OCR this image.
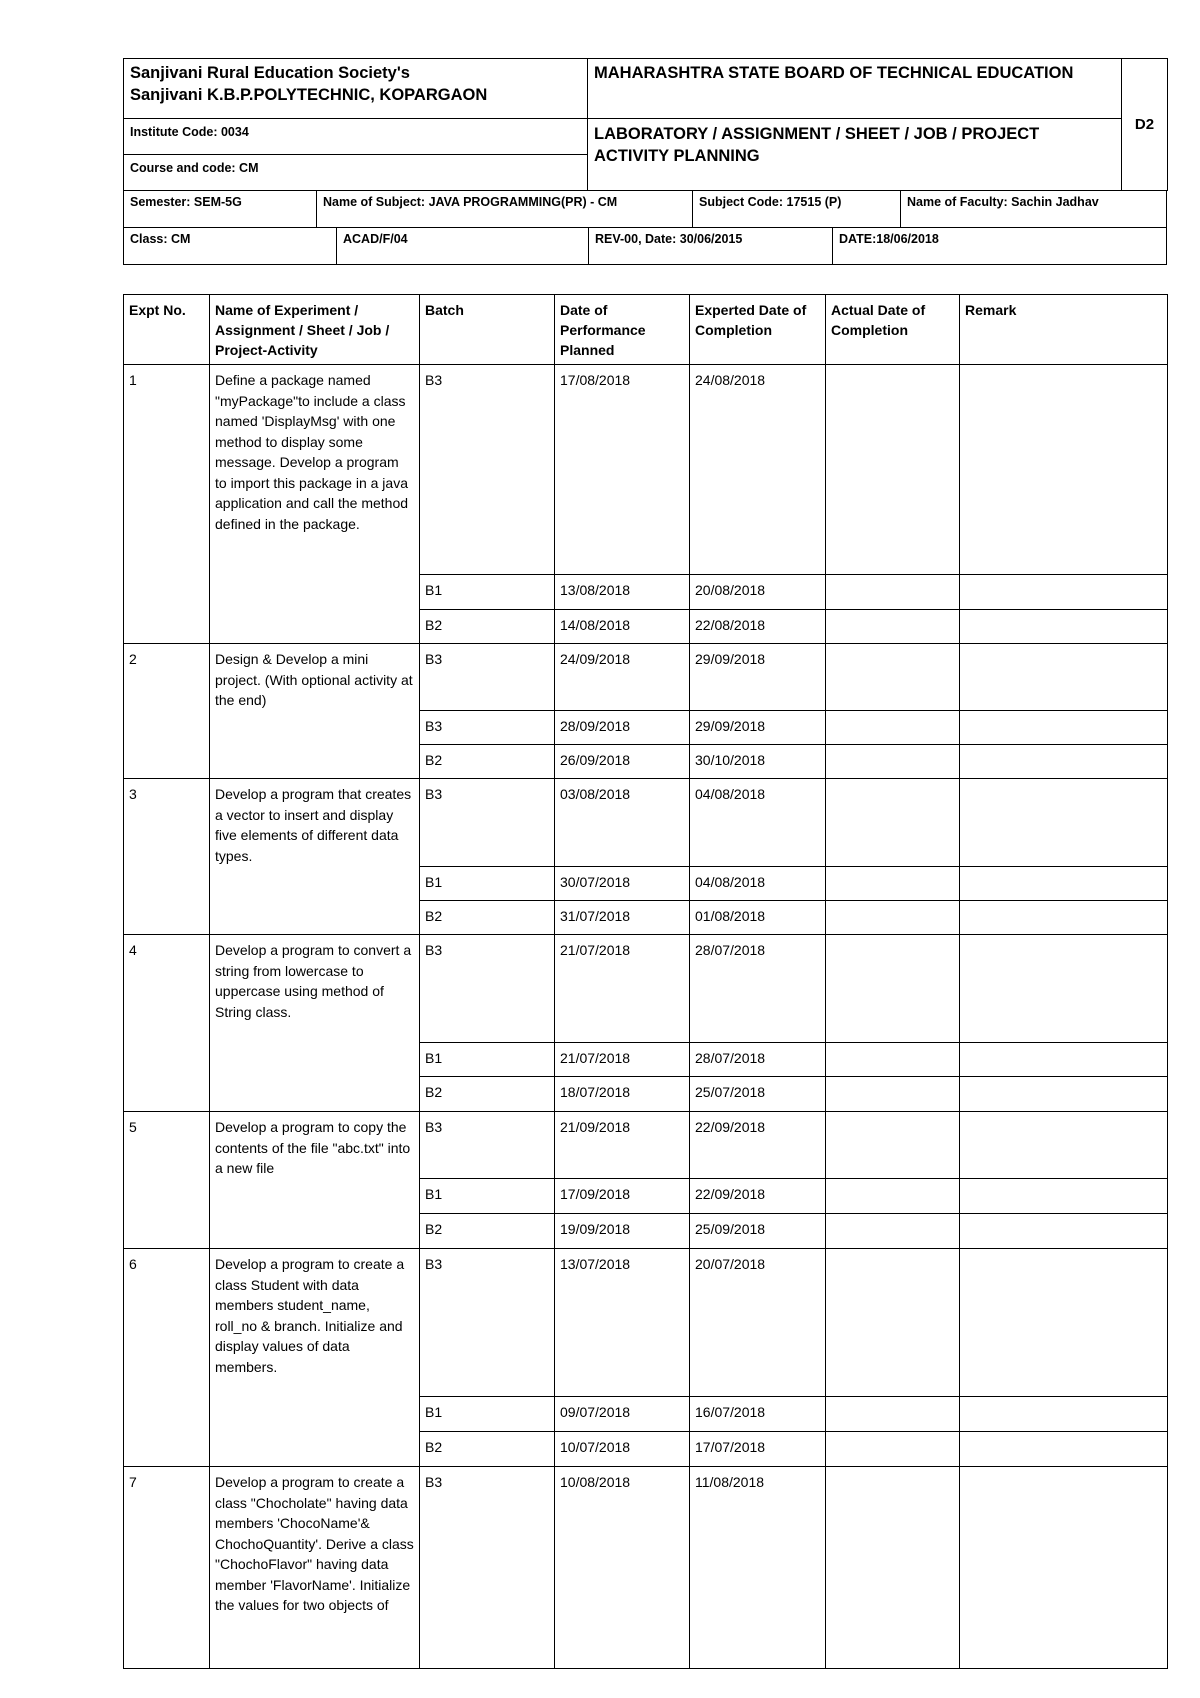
Sanjivani Rural Education Society's
Sanjivani K.B.P.POLYTECHNIC, KOPARGAON	MAHARASHTRA STATE BOARD OF TECHNICAL EDUCATION	D2
Institute Code: 0034	LABORATORY / ASSIGNMENT / SHEET / JOB / PROJECT ACTIVITY PLANNING	

Course and code: CM		
Semester: SEM-5G	Name of Subject: JAVA PROGRAMMING(PR) - CM	Subject Code: 17515 (P)	Name of Faculty: Sachin Jadhav
Class: CM	ACAD/F/04	REV-00, Date: 30/06/2015	DATE:18/06/2018
Expt No.	Name of Experiment / Assignment / Sheet / Job / Project-Activity	Batch	Date of Performance Planned	Experted Date of Completion	Actual Date of Completion	Remark
1	Define a package named "myPackage"to include a class named 'DisplayMsg' with one method to display some message. Develop a program to import this package in a java application and call the method defined in the package.	B3	17/08/2018	24/08/2018		
		B1	13/08/2018	20/08/2018		
		B2	14/08/2018	22/08/2018		
2	Design & Develop a mini project. (With optional activity at the end)	B3	24/09/2018	29/09/2018		
		B3	28/09/2018	29/09/2018		
		B2	26/09/2018	30/10/2018		
3	Develop a program that creates a vector to insert and display five elements of different data types.	B3	03/08/2018	04/08/2018		
		B1	30/07/2018	04/08/2018		
		B2	31/07/2018	01/08/2018		
4	Develop a program to convert a string from lowercase to uppercase using method of String class.	B3	21/07/2018	28/07/2018		
		B1	21/07/2018	28/07/2018		
		B2	18/07/2018	25/07/2018		
5	Develop a program to copy the contents of the file "abc.txt" into a new file	B3	21/09/2018	22/09/2018		
		B1	17/09/2018	22/09/2018		
		B2	19/09/2018	25/09/2018		
6	Develop a program to create a class Student with data members student_name, roll_no & branch. Initialize and display values of data members.	B3	13/07/2018	20/07/2018		
		B1	09/07/2018	16/07/2018		
		B2	10/07/2018	17/07/2018		
7	Develop a program to create a class "Chocholate" having data members 'ChocoName'& ChochoQuantity'. Derive a class "ChochoFlavor" having data member 'FlavorName'. Initialize the values for two objects of	B3	10/08/2018	11/08/2018		
